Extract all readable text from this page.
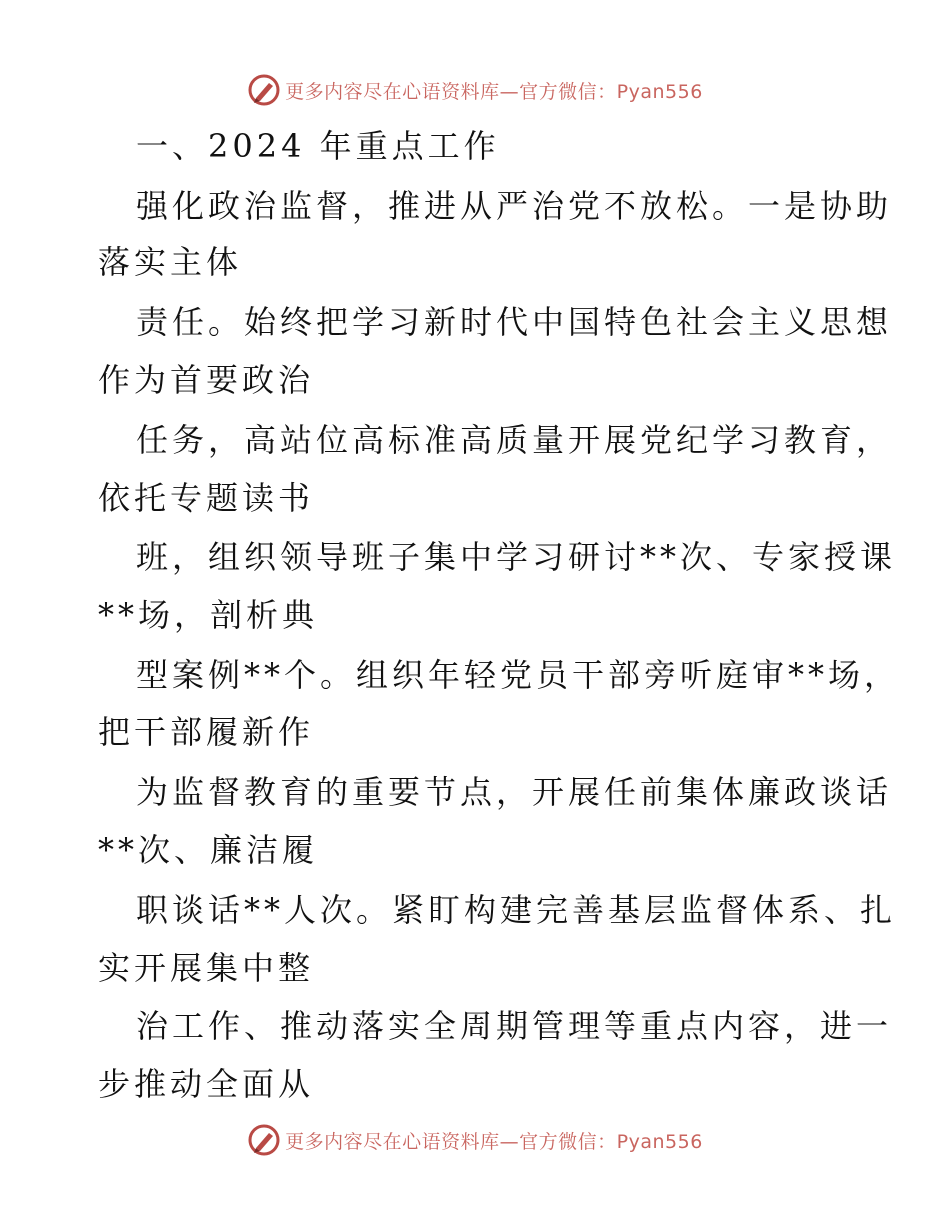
更多内容尽在心语资料库—官方微信：Pyan556
一、2024 年重点工作
强化政治监督，推进从严治党不放松。一是协助
落实主体
责任。始终把学习新时代中国特色社会主义思想
作为首要政治
任务，高站位高标准高质量开展党纪学习教育，
依托专题读书
班，组织领导班子集中学习研讨**次、专家授课
**场，剖析典
型案例**个。组织年轻党员干部旁听庭审**场，
把干部履新作
为监督教育的重要节点，开展任前集体廉政谈话
**次、廉洁履
职谈话**人次。紧盯构建完善基层监督体系、扎
实开展集中整
治工作、推动落实全周期管理等重点内容，进一
步推动全面从
更多内容尽在心语资料库—官方微信：Pyan556
